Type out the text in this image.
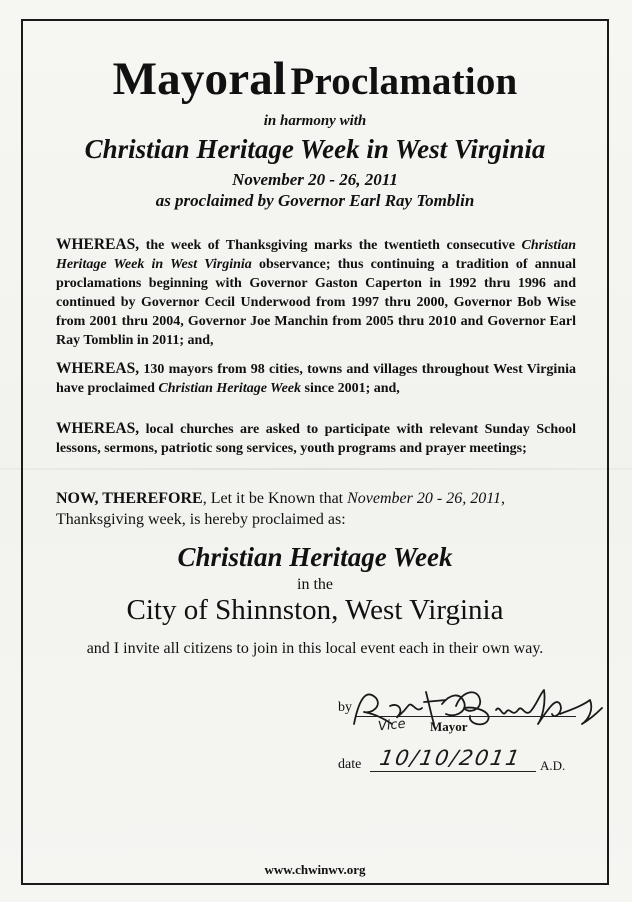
Mayoral Proclamation
in harmony with
Christian Heritage Week in West Virginia
November 20 - 26, 2011
as proclaimed by Governor Earl Ray Tomblin
WHEREAS, the week of Thanksgiving marks the twentieth consecutive Christian Heritage Week in West Virginia observance; thus continuing a tradition of annual proclamations beginning with Governor Gaston Caperton in 1992 thru 1996 and continued by Governor Cecil Underwood from 1997 thru 2000, Governor Bob Wise from 2001 thru 2004, Governor Joe Manchin from 2005 thru 2010 and Governor Earl Ray Tomblin in 2011; and,
WHEREAS, 130 mayors from 98 cities, towns and villages throughout West Virginia have proclaimed Christian Heritage Week since 2001; and,
WHEREAS, local churches are asked to participate with relevant Sunday School lessons, sermons, patriotic song services, youth programs and prayer meetings;
NOW, THEREFORE, Let it be Known that November 20 - 26, 2011, Thanksgiving week, is hereby proclaimed as:
Christian Heritage Week
in the
City of Shinnston, West Virginia
and I invite all citizens to join in this local event each in their own way.
by
Vice Mayor
date 10/10/2011 A.D.
www.chwinwv.org
